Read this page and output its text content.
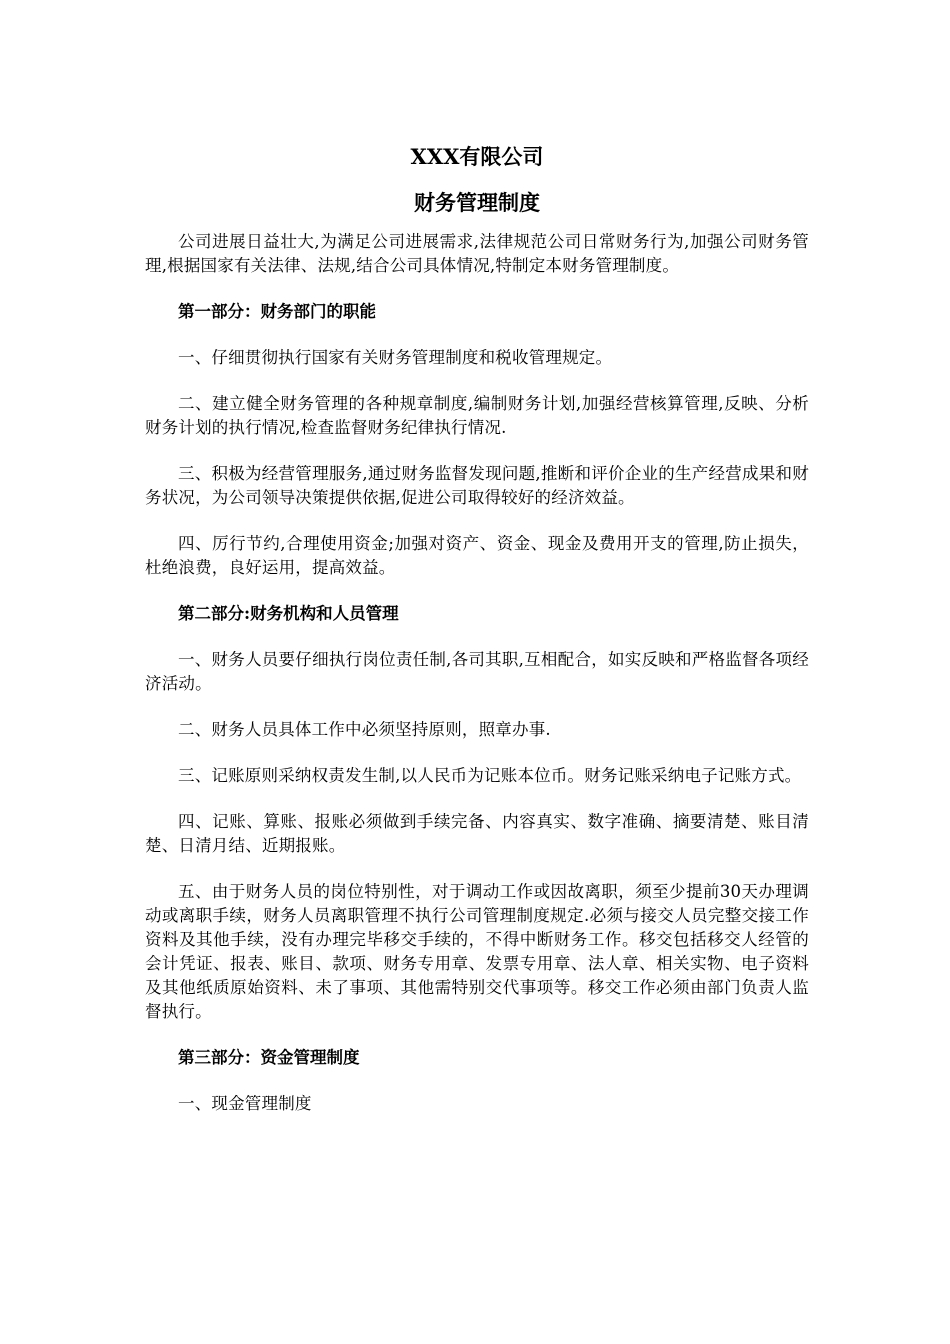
XXX有限公司
财务管理制度

公司进展日益壮大,为满足公司进展需求,法律规范公司日常财务行为,加强公司财务管理,根据国家有关法律、法规,结合公司具体情况,特制定本财务管理制度。

第一部分：财务部门的职能

一、仔细贯彻执行国家有关财务管理制度和税收管理规定。

二、建立健全财务管理的各种规章制度,编制财务计划,加强经营核算管理,反映、分析财务计划的执行情况,检查监督财务纪律执行情况.

三、积极为经营管理服务,通过财务监督发现问题,推断和评价企业的生产经营成果和财务状况，为公司领导决策提供依据,促进公司取得较好的经济效益。

四、厉行节约,合理使用资金;加强对资产、资金、现金及费用开支的管理,防止损失，杜绝浪费，良好运用，提高效益。

第二部分:财务机构和人员管理

一、财务人员要仔细执行岗位责任制,各司其职,互相配合，如实反映和严格监督各项经济活动。

二、财务人员具体工作中必须坚持原则，照章办事.

三、记账原则采纳权责发生制,以人民币为记账本位币。财务记账采纳电子记账方式。

四、记账、算账、报账必须做到手续完备、内容真实、数字准确、摘要清楚、账目清楚、日清月结、近期报账。

五、由于财务人员的岗位特别性，对于调动工作或因故离职，须至少提前30天办理调动或离职手续，财务人员离职管理不执行公司管理制度规定.必须与接交人员完整交接工作资料及其他手续，没有办理完毕移交手续的，不得中断财务工作。移交包括移交人经管的会计凭证、报表、账目、款项、财务专用章、发票专用章、法人章、相关实物、电子资料及其他纸质原始资料、未了事项、其他需特别交代事项等。移交工作必须由部门负责人监督执行。

第三部分：资金管理制度

一、现金管理制度
